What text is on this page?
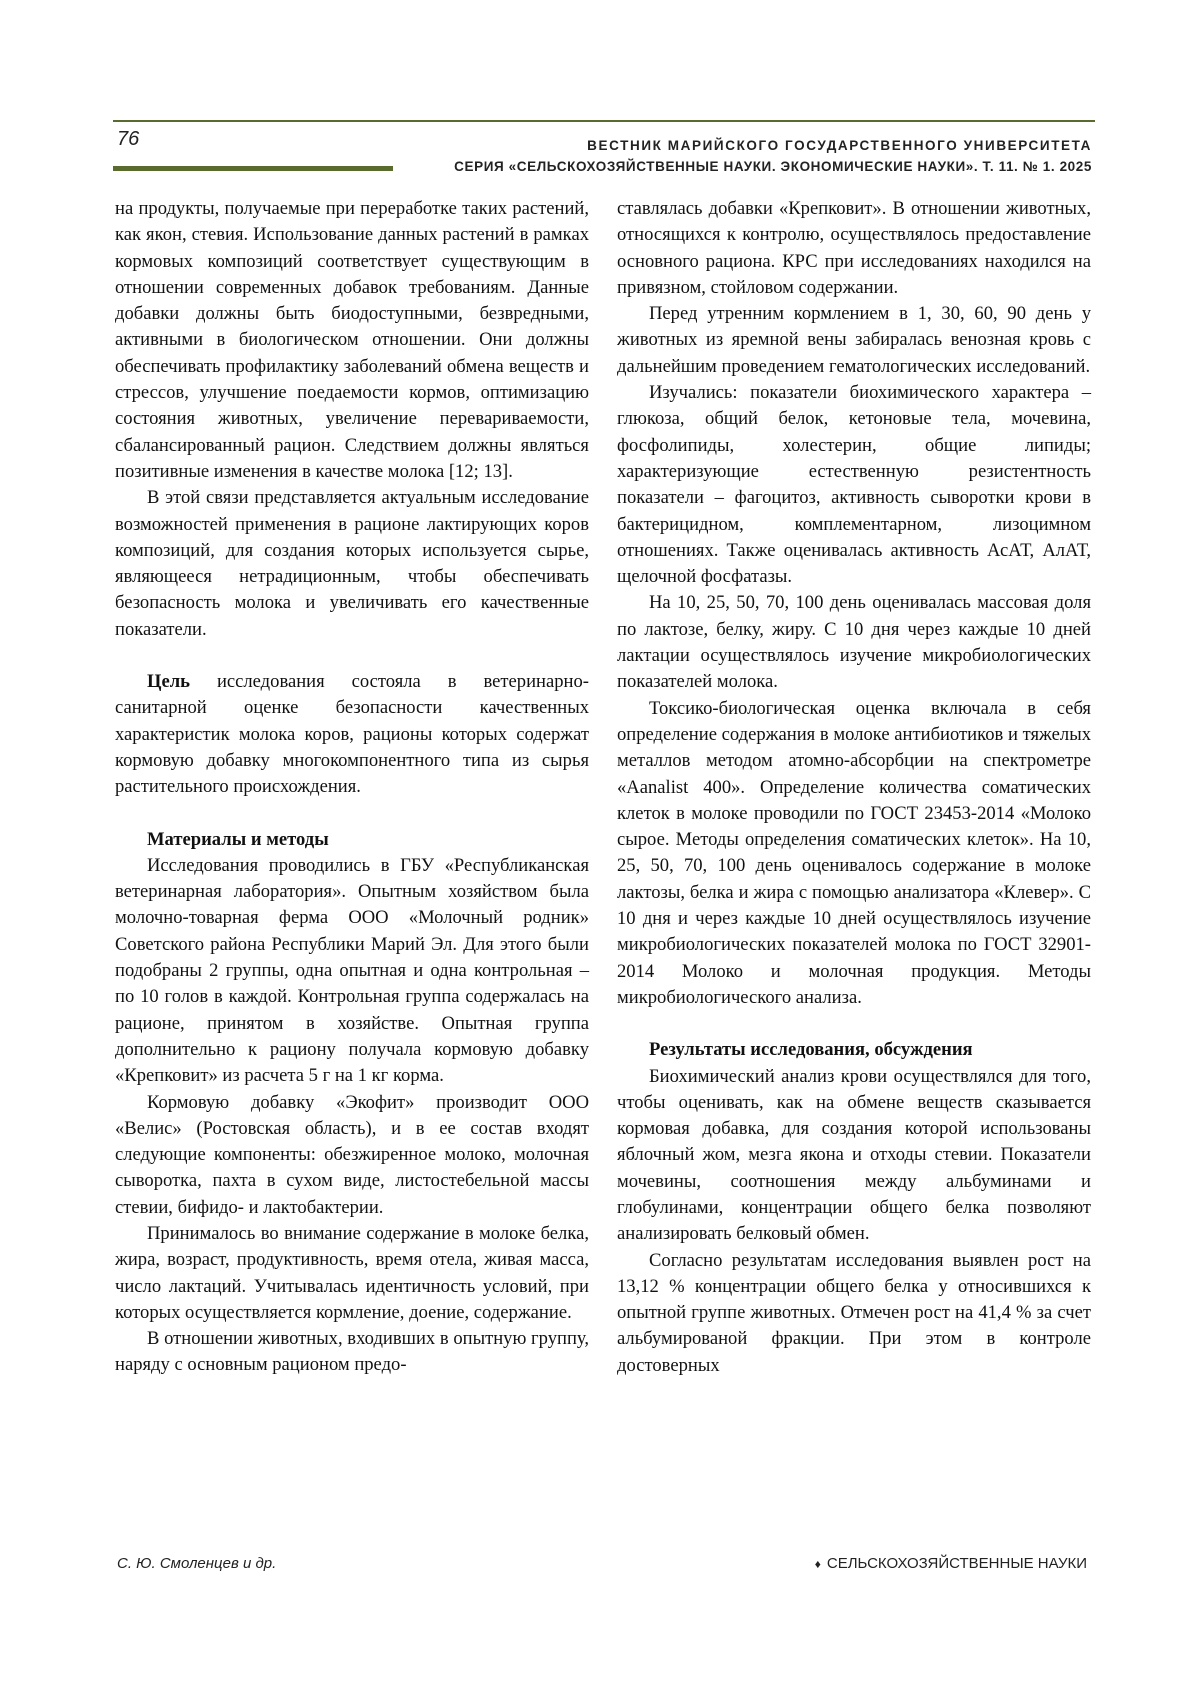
76	ВЕСТНИК МАРИЙСКОГО ГОСУДАРСТВЕННОГО УНИВЕРСИТЕТА
СЕРИЯ «СЕЛЬСКОХОЗЯЙСТВЕННЫЕ НАУКИ. ЭКОНОМИЧЕСКИЕ НАУКИ». Т. 11. № 1. 2025

на продукты, получаемые при переработке таких растений, как якон, стевия. Использование данных растений в рамках кормовых композиций соответствует существующим в отношении современных добавок требованиям. Данные добавки должны быть биодоступными, безвредными, активными в биологическом отношении. Они должны обеспечивать профилактику заболеваний обмена веществ и стрессов, улучшение поедаемости кормов, оптимизацию состояния животных, увеличение перевариваемости, сбалансированный рацион. Следствием должны являться позитивные изменения в качестве молока [12; 13].

В этой связи представляется актуальным исследование возможностей применения в рационе лактирующих коров композиций, для создания которых используется сырье, являющееся нетрадиционным, чтобы обеспечивать безопасность молока и увеличивать его качественные показатели.

Цель исследования состояла в ветеринарно-санитарной оценке безопасности качественных характеристик молока коров, рационы которых содержат кормовую добавку многокомпонентного типа из сырья растительного происхождения.

Материалы и методы

Исследования проводились в ГБУ «Республиканская ветеринарная лаборатория». Опытным хозяйством была молочно-товарная ферма ООО «Молочный родник» Советского района Республики Марий Эл. Для этого были подобраны 2 группы, одна опытная и одна контрольная – по 10 голов в каждой. Контрольная группа содержалась на рационе, принятом в хозяйстве. Опытная группа дополнительно к рациону получала кормовую добавку «Крепковит» из расчета 5 г на 1 кг корма.

Кормовую добавку «Экофит» производит ООО «Велис» (Ростовская область), и в ее состав входят следующие компоненты: обезжиренное молоко, молочная сыворотка, пахта в сухом виде, листостебельной массы стевии, бифидо- и лактобактерии.

Принималось во внимание содержание в молоке белка, жира, возраст, продуктивность, время отела, живая масса, число лактаций. Учитывалась идентичность условий, при которых осуществляется кормление, доение, содержание.

В отношении животных, входивших в опытную группу, наряду с основным рационом предо-

ставлялась добавки «Крепковит». В отношении животных, относящихся к контролю, осуществлялось предоставление основного рациона. КРС при исследованиях находился на привязном, стойловом содержании.

Перед утренним кормлением в 1, 30, 60, 90 день у животных из яремной вены забиралась венозная кровь с дальнейшим проведением гематологических исследований.

Изучались: показатели биохимического характера – глюкоза, общий белок, кетоновые тела, мочевина, фосфолипиды, холестерин, общие липиды; характеризующие естественную резистентность показатели – фагоцитоз, активность сыворотки крови в бактерицидном, комплементарном, лизоцимном отношениях. Также оценивалась активность АсАТ, АлАТ, щелочной фосфатазы.

На 10, 25, 50, 70, 100 день оценивалась массовая доля по лактозе, белку, жиру. С 10 дня через каждые 10 дней лактации осуществлялось изучение микробиологических показателей молока.

Токсико-биологическая оценка включала в себя определение содержания в молоке антибиотиков и тяжелых металлов методом атомно-абсорбции на спектрометре «Aanalist 400». Определение количества соматических клеток в молоке проводили по ГОСТ 23453-2014 «Молоко сырое. Методы определения соматических клеток». На 10, 25, 50, 70, 100 день оценивалось содержание в молоке лактозы, белка и жира с помощью анализатора «Клевер». С 10 дня и через каждые 10 дней осуществлялось изучение микробиологических показателей молока по ГОСТ 32901-2014 Молоко и молочная продукция. Методы микробиологического анализа.

Результаты исследования, обсуждения

Биохимический анализ крови осуществлялся для того, чтобы оценивать, как на обмене веществ сказывается кормовая добавка, для создания которой использованы яблочный жом, мезга якона и отходы стевии. Показатели мочевины, соотношения между альбуминами и глобулинами, концентрации общего белка позволяют анализировать белковый обмен.

Согласно результатам исследования выявлен рост на 13,12 % концентрации общего белка у относившихся к опытной группе животных. Отмечен рост на 41,4 % за счет альбумированой фракции. При этом в контроле достоверных

С. Ю. Смоленцев и др.	♦ СЕЛЬСКОХОЗЯЙСТВЕННЫЕ НАУКИ
